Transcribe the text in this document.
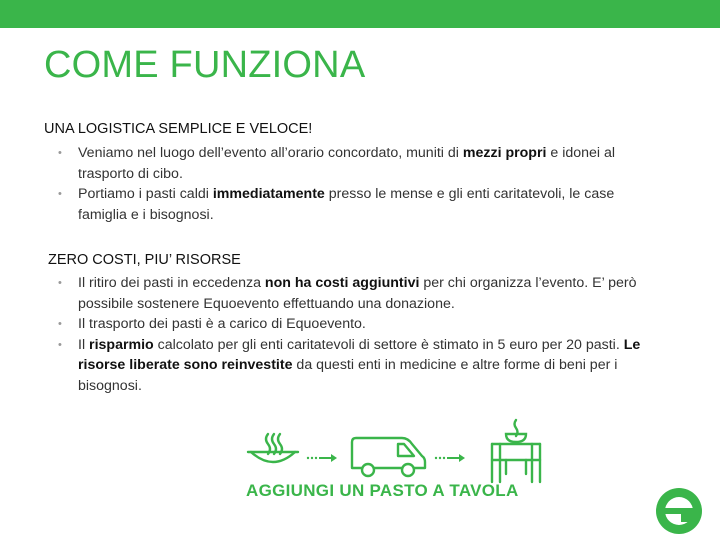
COME FUNZIONA
UNA LOGISTICA SEMPLICE E VELOCE!
• Veniamo nel luogo dell’evento all’orario concordato, muniti di mezzi propri e idonei al trasporto di cibo.
• Portiamo i pasti caldi immediatamente presso le mense e gli enti caritatevoli, le case famiglia e i bisognosi.
ZERO COSTI, PIU’ RISORSE
• Il ritiro dei pasti in eccedenza non ha costi aggiuntivi per chi organizza l’evento. E’ però possibile sostenere Equoevento effettuando una donazione.
• Il trasporto dei pasti è a carico di Equoevento.
• Il risparmio calcolato per gli enti caritatevoli di settore è stimato in 5 euro per 20 pasti. Le risorse liberate sono reinvestite da questi enti in medicine e altre forme di beni per i bisognosi.
AGGIUNGI UN PASTO A TAVOLA
